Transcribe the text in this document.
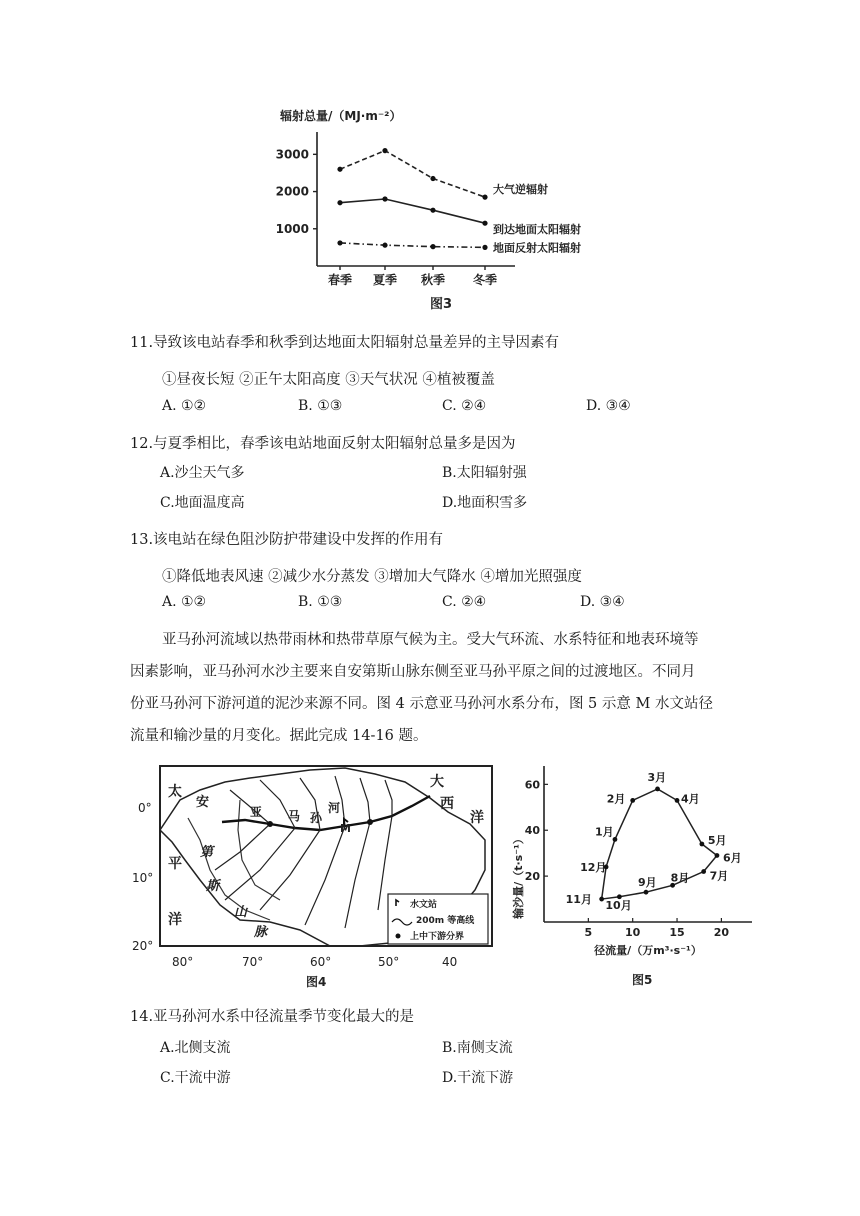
辐射总量/（MJ·m⁻²）
3000
2000
1000
春季 夏季 秋季 冬季
大气逆辐射
到达地面太阳辐射
地面反射太阳辐射
图3
11.导致该电站春季和秋季到达地面太阳辐射总量差异的主导因素有
①昼夜长短 ②正午太阳高度 ③天气状况 ④植被覆盖
A. ①②	B. ①③	C. ②④	D. ③④
12.与夏季相比，春季该电站地面反射太阳辐射总量多是因为
A.沙尘天气多	B.太阳辐射强
C.地面温度高	D.地面积雪多
13.该电站在绿色阻沙防护带建设中发挥的作用有
①降低地表风速 ②减少水分蒸发 ③增加大气降水 ④增加光照强度
A. ①②	B. ①③	C. ②④	D. ③④
亚马孙河流域以热带雨林和热带草原气候为主。受大气环流、水系特征和地表环境等
因素影响，亚马孙河水沙主要来自安第斯山脉东侧至亚马孙平原之间的过渡地区。不同月
份亚马孙河下游河道的泥沙来源不同。图 4 示意亚马孙河水系分布，图 5 示意 M 水文站径
流量和输沙量的月变化。据此完成 14-16 题。
太
平
洋
大
西
洋
安
第
斯
山
脉
亚 马 孙
河
M
0°
10°
20°
80°	70°	60°	50°	40
水文站
200m 等高线
上中下游分界
图4
输沙量/（t·s⁻¹）
60
40
20
5	10	15	20
1月
2月
3月
4月
5月
6月
7月
8月
9月
10月
11月
12月
径流量/（万m³·s⁻¹）
图5
14.亚马孙河水系中径流量季节变化最大的是
A.北侧支流	B.南侧支流
C.干流中游	D.干流下游
